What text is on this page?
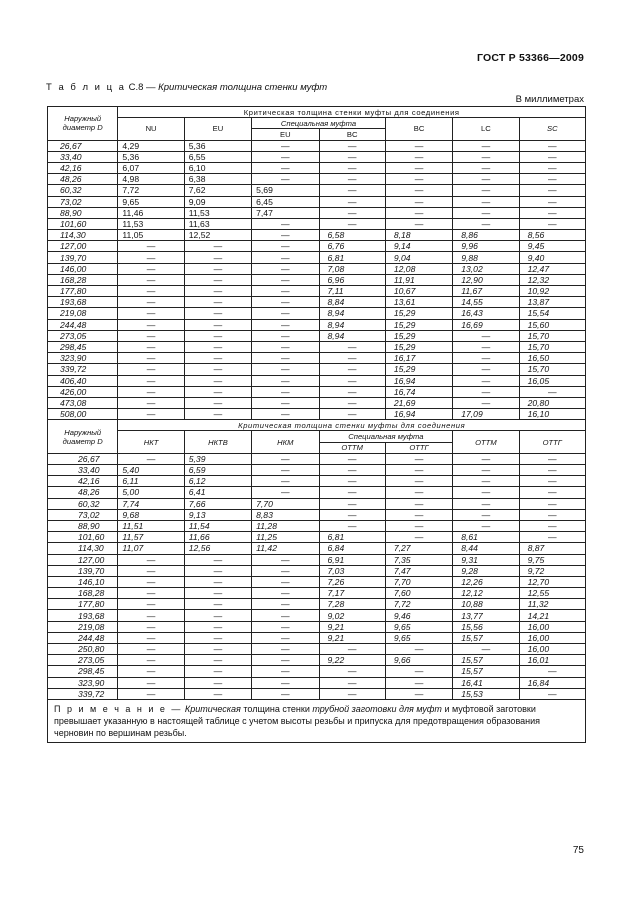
ГОСТ Р 53366—2009
Т а б л и ц а С.8 — Критическая толщина стенки муфт
В миллиметрах
Наружный диаметр D	Критическая толщина стенки муфты для соединения						
	NU	EU	Специальная муфта		BC	LC	SC
			EU	BC			
26,67	4,29	5,36	—	—	—	—	—
33,40	5,36	6,55	—	—	—	—	—
42,16	6,07	6,10	—	—	—	—	—
48,26	4,98	6,38	—	—	—	—	—
60,32	7,72	7,62	5,69	—	—	—	—
73,02	9,65	9,09	6,45	—	—	—	—
88,90	11,46	11,53	7,47	—	—	—	—
101,60	11,53	11,63	—	—	—	—	—
114,30	11,05	12,52	—	6,58	8,18	8,86	8,56
127,00	—	—	—	6,76	9,14	9,96	9,45
139,70	—	—	—	6,81	9,04	9,88	9,40
146,00	—	—	—	7,08	12,08	13,02	12,47
168,28	—	—	—	6,96	11,91	12,90	12,32
177,80	—	—	—	7,11	10,67	11,67	10,92
193,68	—	—	—	8,84	13,61	14,55	13,87
219,08	—	—	—	8,94	15,29	16,43	15,54
244,48	—	—	—	8,94	15,29	16,69	15,60
273,05	—	—	—	8,94	15,29	—	15,70
298,45	—	—	—	—	15,29	—	15,70
323,90	—	—	—	—	16,17	—	16,50
339,72	—	—	—	—	15,29	—	15,70
406,40	—	—	—	—	16,94	—	16,05
426,00	—	—	—	—	16,74	—	—
473,08	—	—	—	—	21,69	—	20,80
508,00	—	—	—	—	16,94	17,09	16,10
Наружный диаметр D	Критическая толщина стенки муфты для соединения						
	НКТ	НКТВ	НКМ	Специальная муфта		ОТТМ	ОТТГ
				ОТТМ	ОТТГ		
26,67	—	5,39	—	—	—	—	—
33,40	5,40	6,59	—	—	—	—	—
42,16	6,11	6,12	—	—	—	—	—
48,26	5,00	6,41	—	—	—	—	—
60,32	7,74	7,66	7,70	—	—	—	—
73,02	9,68	9,13	8,83	—	—	—	—
88,90	11,51	11,54	11,28	—	—	—	—
101,60	11,57	11,66	11,25	6,81	—	8,61	—
114,30	11,07	12,56	11,42	6,84	7,27	8,44	8,87
127,00	—	—	—	6,91	7,35	9,31	9,75
139,70	—	—	—	7,03	7,47	9,28	9,72
146,10	—	—	—	7,26	7,70	12,26	12,70
168,28	—	—	—	7,17	7,60	12,12	12,55
177,80	—	—	—	7,28	7,72	10,88	11,32
193,68	—	—	—	9,02	9,46	13,77	14,21
219,08	—	—	—	9,21	9,65	15,56	16,00
244,48	—	—	—	9,21	9,65	15,57	16,00
250,80	—	—	—	—	—	—	16,00
273,05	—	—	—	9,22	9,66	15,57	16,01
298,45	—	—	—	—	—	15,57	—
323,90	—	—	—	—	—	16,41	16,84
339,72	—	—	—	—	—	15,53	—
П р и м е ч а н и е — Критическая толщина стенки трубной заготовки для муфт и муфтовой заготовки превышает указанную в настоящей таблице с учетом высоты резьбы и припуска для предотвращения образования черновин по вершинам резьбы.							
75
